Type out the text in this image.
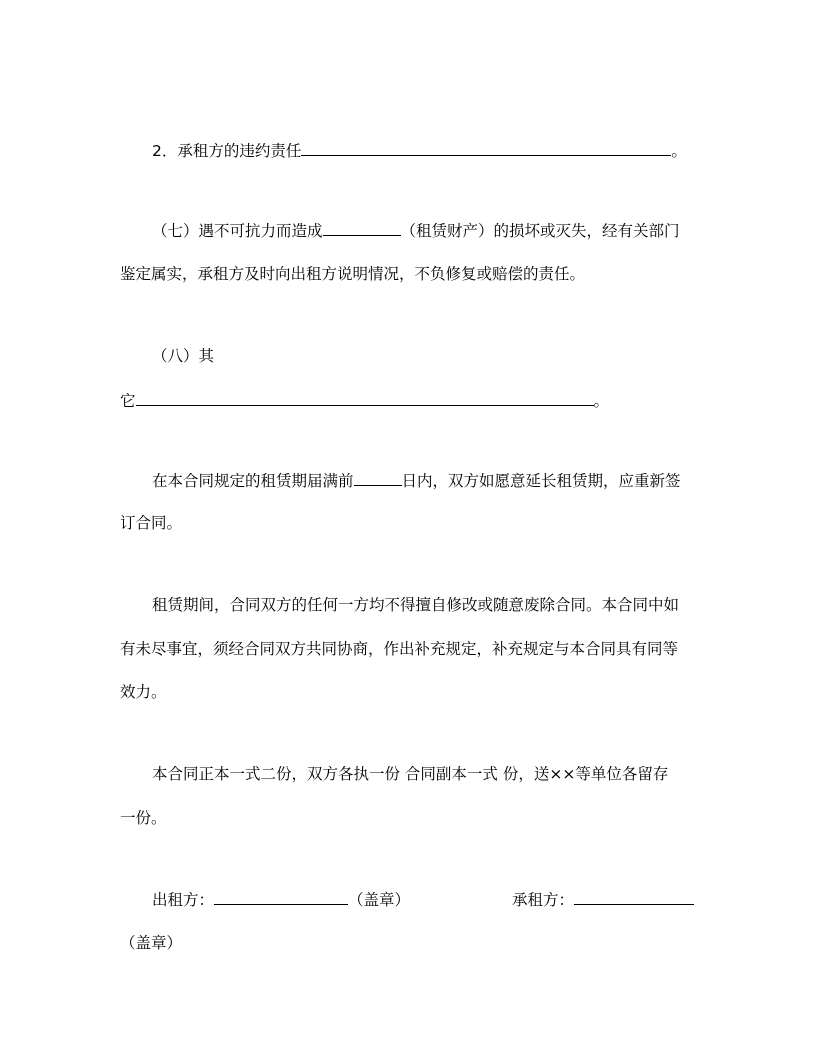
2．承租方的违约责任	。
（七）遇不可抗力而造成	（租赁财产）的损坏或灭失，经有关部门
鉴定属实，承租方及时向出租方说明情况，不负修复或赔偿的责任。
（八）其
它	。
在本合同规定的租赁期届满前	日内，双方如愿意延长租赁期，应重新签
订合同。
租赁期间，合同双方的任何一方均不得擅自修改或随意废除合同。本合同中如
有未尽事宜，须经合同双方共同协商，作出补充规定，补充规定与本合同具有同等
效力。
本合同正本一式二份，双方各执一份 合同副本一式 份，送××等单位各留存
一份。
出租方：	（盖章）	承租方：
（盖章）
